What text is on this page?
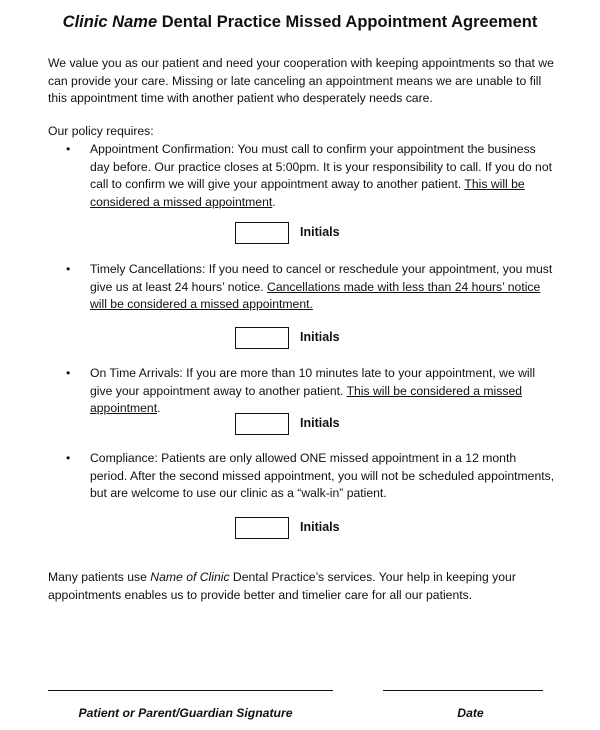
Clinic Name Dental Practice Missed Appointment Agreement
We value you as our patient and need your cooperation with keeping appointments so that we can provide your care. Missing or late canceling an appointment means we are unable to fill this appointment time with another patient who desperately needs care.
Our policy requires:
•	Appointment Confirmation: You must call to confirm your appointment the business day before. Our practice closes at 5:00pm. It is your responsibility to call. If you do not call to confirm we will give your appointment away to another patient. This will be considered a missed appointment.
Initials
•	Timely Cancellations: If you need to cancel or reschedule your appointment, you must give us at least 24 hours’ notice. Cancellations made with less than 24 hours’ notice will be considered a missed appointment.
Initials
•	On Time Arrivals: If you are more than 10 minutes late to your appointment, we will give your appointment away to another patient. This will be considered a missed appointment.
Initials
•	Compliance: Patients are only allowed ONE missed appointment in a 12 month period. After the second missed appointment, you will not be scheduled appointments, but are welcome to use our clinic as a “walk-in” patient.
Initials
Many patients use Name of Clinic Dental Practice’s services. Your help in keeping your appointments enables us to provide better and timelier care for all our patients.
Patient or Parent/Guardian Signature	Date
